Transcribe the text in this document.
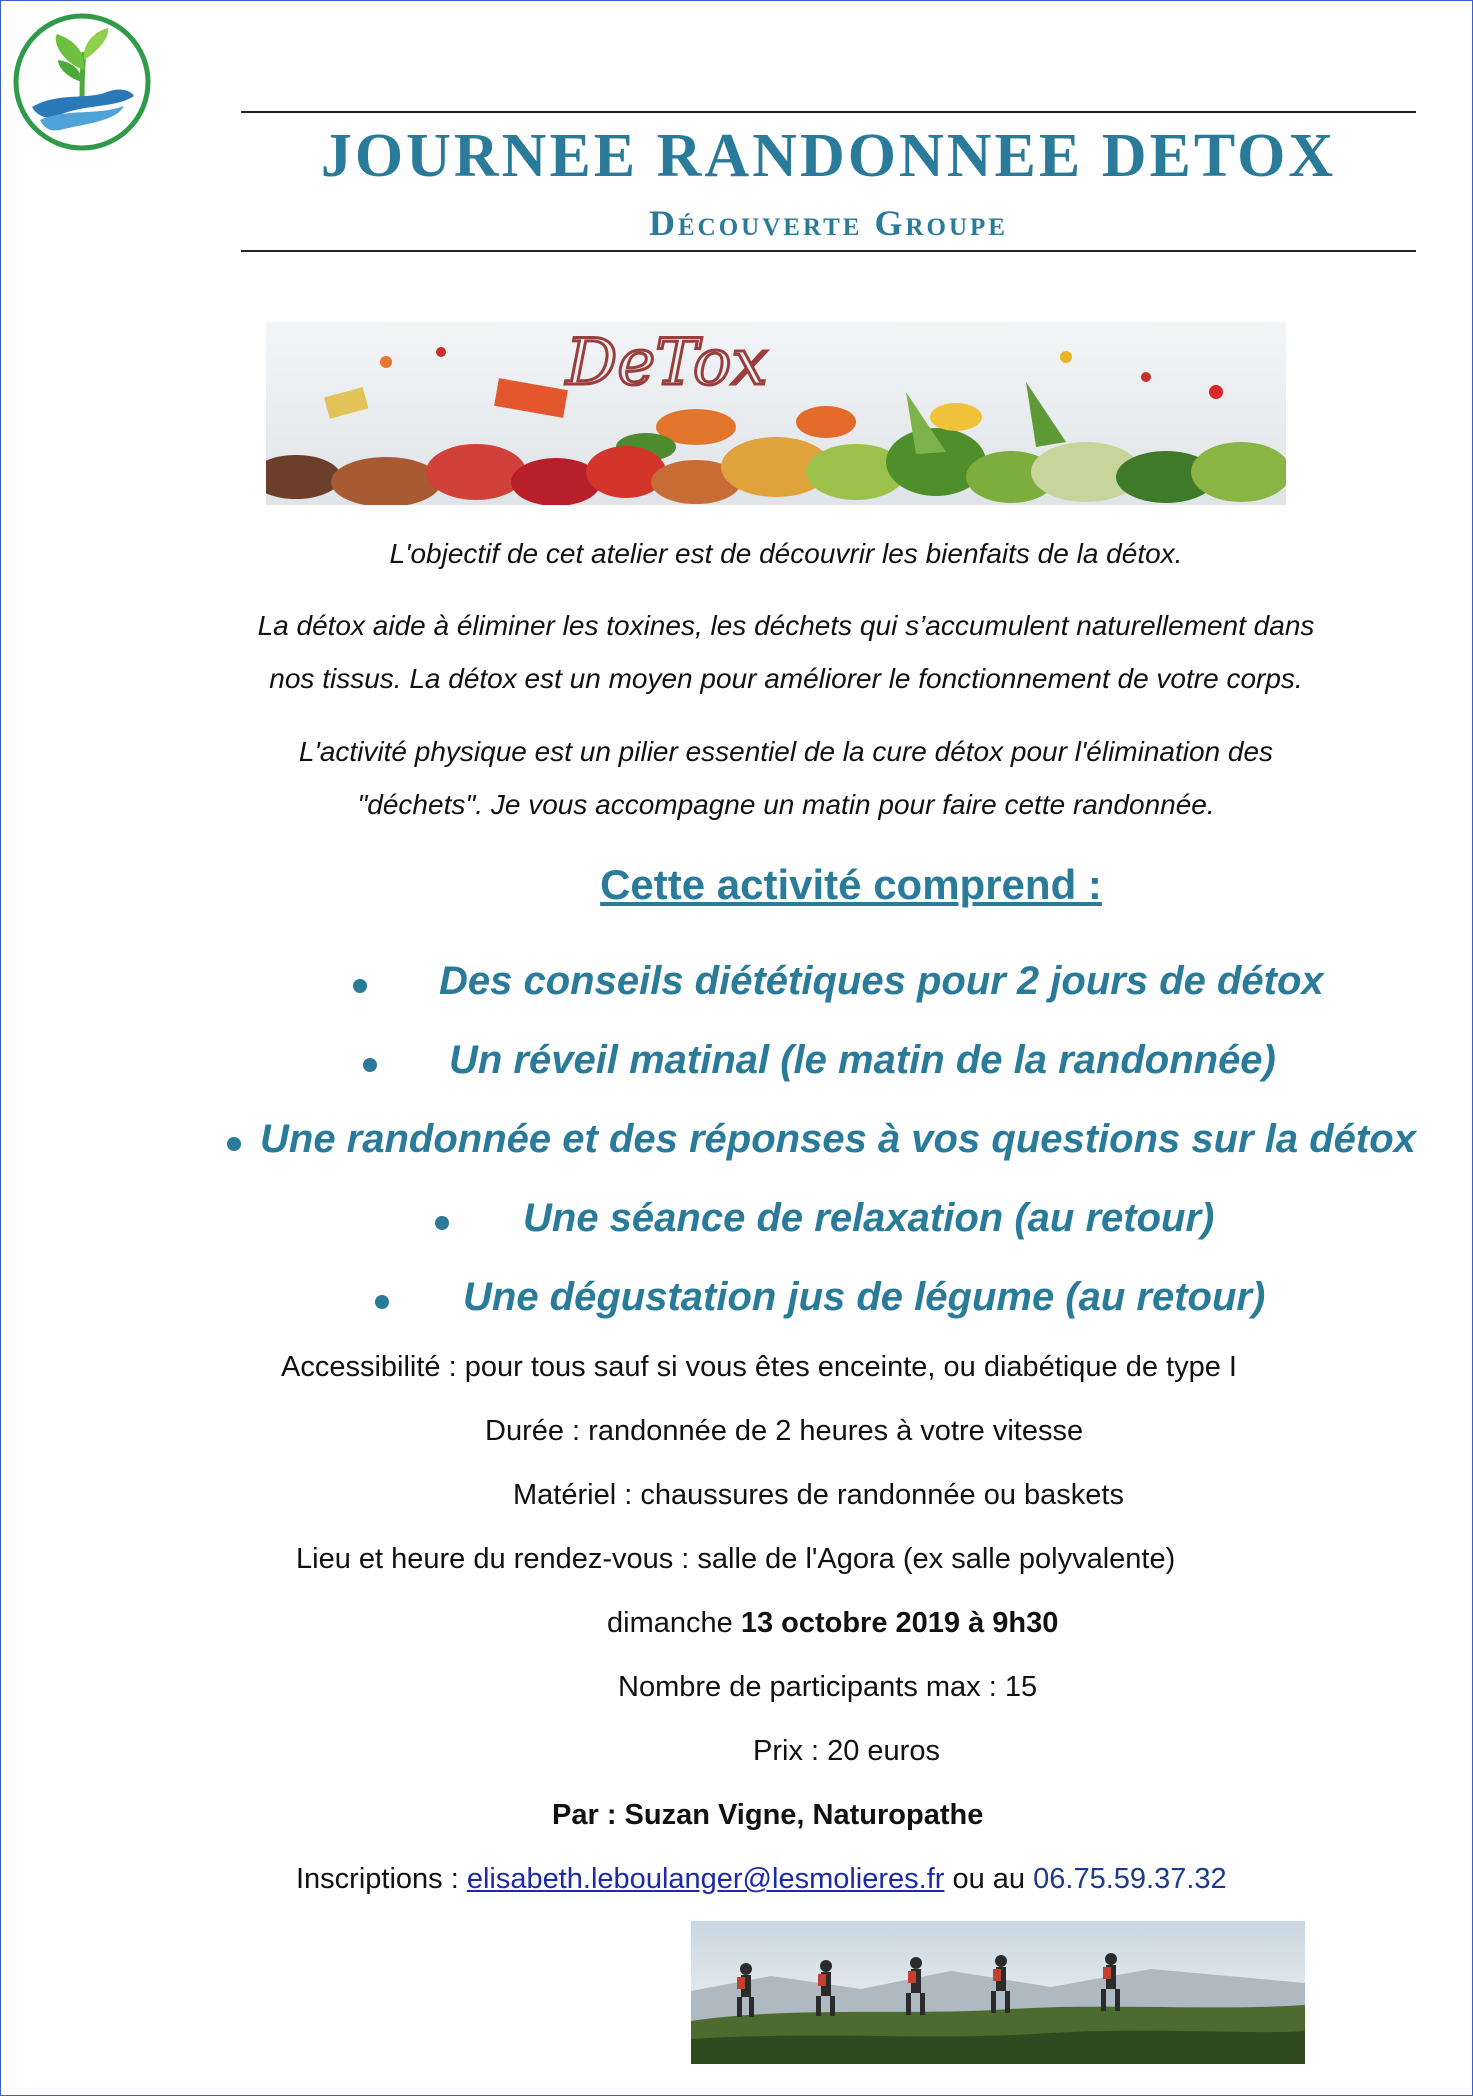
JOURNEE RANDONNEE DETOX
Découverte Groupe
DeTox

L'objectif de cet atelier est de découvrir les bienfaits de la détox.

La détox aide à éliminer les toxines, les déchets qui s’accumulent naturellement dans
nos tissus. La détox est un moyen pour améliorer le fonctionnement de votre corps.

L'activité physique est un pilier essentiel de la cure détox pour l'élimination des
"déchets". Je vous accompagne un matin pour faire cette randonnée.

Cette activité comprend :
Des conseils diététiques pour 2 jours de détox
Un réveil matinal (le matin de la randonnée)
Une randonnée et des réponses à vos questions sur la détox
Une séance de relaxation (au retour)
Une dégustation jus de légume (au retour)
Accessibilité : pour tous sauf si vous êtes enceinte, ou diabétique de type I
Durée : randonnée de 2 heures à votre vitesse
Matériel : chaussures de randonnée ou baskets
Lieu et heure du rendez-vous : salle de l'Agora (ex salle polyvalente)
dimanche 13 octobre 2019 à 9h30
Nombre de participants max : 15
Prix : 20 euros
Par : Suzan Vigne, Naturopathe
Inscriptions : elisabeth.leboulanger@lesmolieres.fr ou au 06.75.59.37.32
